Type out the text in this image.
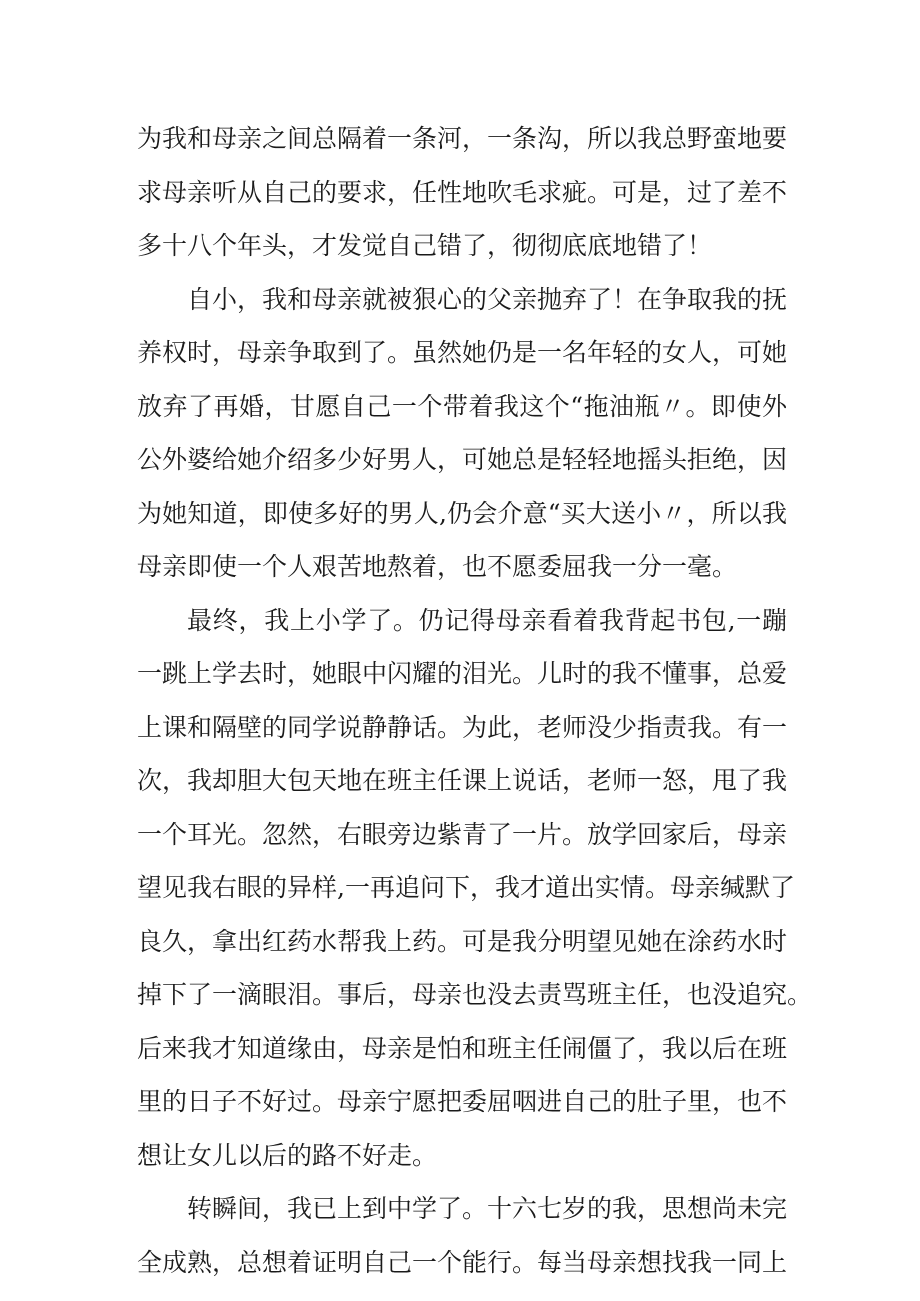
为我和母亲之间总隔着一条河，一条沟，所以我总野蛮地要
求母亲听从自己的要求，任性地吹毛求疵。可是，过了差不
多十八个年头，才发觉自己错了，彻彻底底地错了！
自小，我和母亲就被狠心的父亲抛弃了！在争取我的抚
养权时，母亲争取到了。虽然她仍是一名年轻的女人，可她
放弃了再婚，甘愿自己一个带着我这个“拖油瓶〃。即使外
公外婆给她介绍多少好男人，可她总是轻轻地摇头拒绝，因
为她知道，即使多好的男人,仍会介意“买大送小〃，所以我
母亲即使一个人艰苦地熬着，也不愿委屈我一分一毫。
最终，我上小学了。仍记得母亲看着我背起书包,一蹦
一跳上学去时，她眼中闪耀的泪光。儿时的我不懂事，总爱
上课和隔壁的同学说静静话。为此，老师没少指责我。有一
次，我却胆大包天地在班主任课上说话，老师一怒，甩了我
一个耳光。忽然，右眼旁边紫青了一片。放学回家后，母亲
望见我右眼的异样,一再追问下，我才道出实情。母亲缄默了
良久，拿出红药水帮我上药。可是我分明望见她在涂药水时
掉下了一滴眼泪。事后，母亲也没去责骂班主任，也没追究。
后来我才知道缘由，母亲是怕和班主任闹僵了，我以后在班
里的日子不好过。母亲宁愿把委屈咽进自己的肚子里，也不
想让女儿以后的路不好走。
转瞬间，我已上到中学了。十六七岁的我，思想尚未完
全成熟，总想着证明自己一个能行。每当母亲想找我一同上
